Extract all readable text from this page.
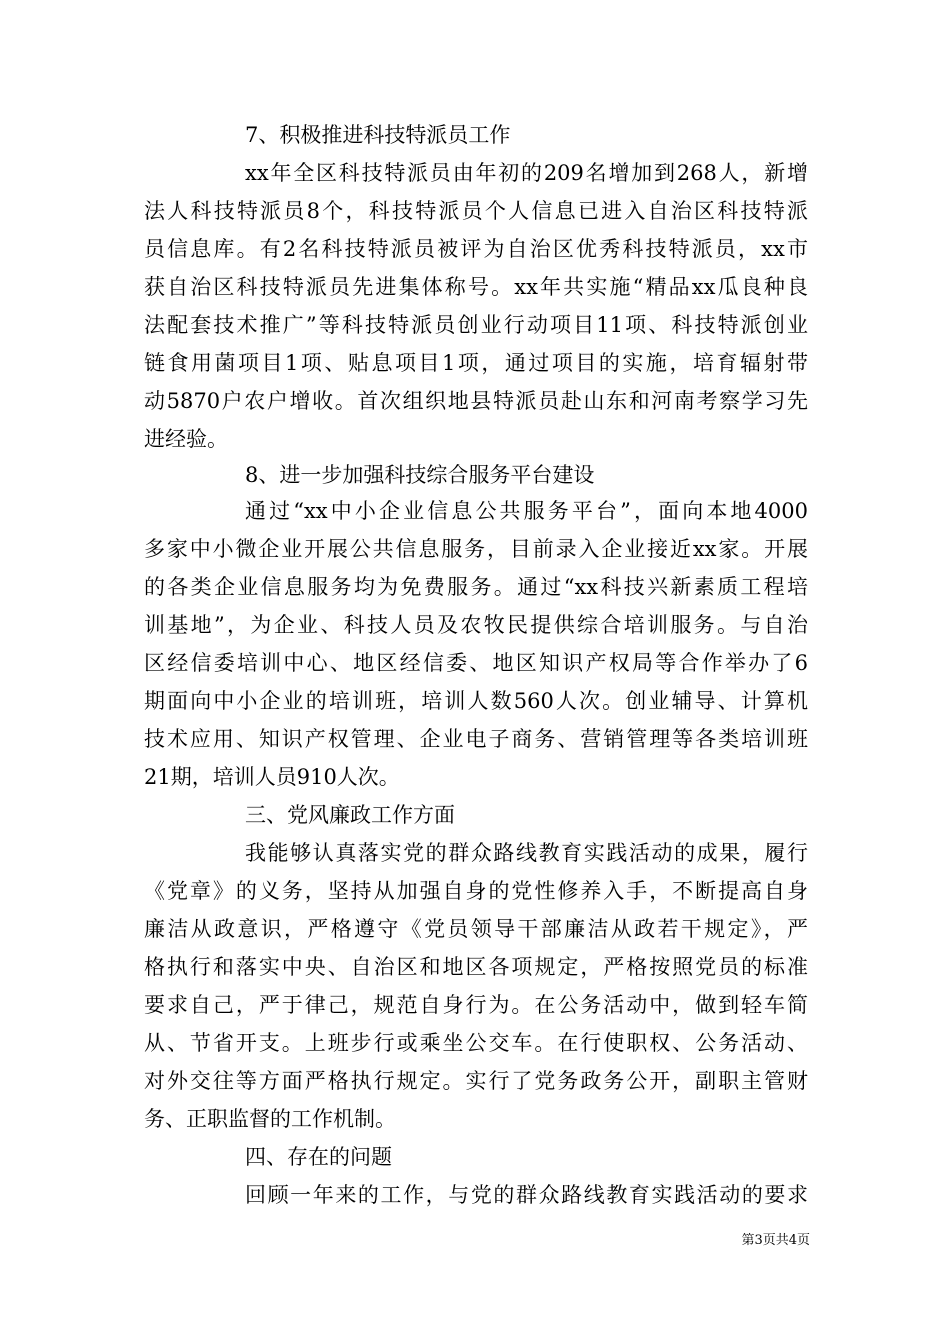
7、积极推进科技特派员工作
xx年全区科技特派员由年初的209名增加到268人，新增
法人科技特派员8个，科技特派员个人信息已进入自治区科技特派
员信息库。有2名科技特派员被评为自治区优秀科技特派员，xx市
获自治区科技特派员先进集体称号。xx年共实施“精品xx瓜良种良
法配套技术推广”等科技特派员创业行动项目11项、科技特派创业
链食用菌项目1项、贴息项目1项，通过项目的实施，培育辐射带
动5870户农户增收。首次组织地县特派员赴山东和河南考察学习先
进经验。
8、进一步加强科技综合服务平台建设
通过“xx中小企业信息公共服务平台”，面向本地4000
多家中小微企业开展公共信息服务，目前录入企业接近xx家。开展
的各类企业信息服务均为免费服务。通过“xx科技兴新素质工程培
训基地”，为企业、科技人员及农牧民提供综合培训服务。与自治
区经信委培训中心、地区经信委、地区知识产权局等合作举办了6
期面向中小企业的培训班，培训人数560人次。创业辅导、计算机
技术应用、知识产权管理、企业电子商务、营销管理等各类培训班
21期，培训人员910人次。
三、党风廉政工作方面
我能够认真落实党的群众路线教育实践活动的成果，履行
《党章》的义务，坚持从加强自身的党性修养入手，不断提高自身
廉洁从政意识，严格遵守《党员领导干部廉洁从政若干规定》，严
格执行和落实中央、自治区和地区各项规定，严格按照党员的标准
要求自己，严于律己，规范自身行为。在公务活动中，做到轻车简
从、节省开支。上班步行或乘坐公交车。在行使职权、公务活动、
对外交往等方面严格执行规定。实行了党务政务公开，副职主管财
务、正职监督的工作机制。
四、存在的问题
回顾一年来的工作，与党的群众路线教育实践活动的要求
第3页共4页
